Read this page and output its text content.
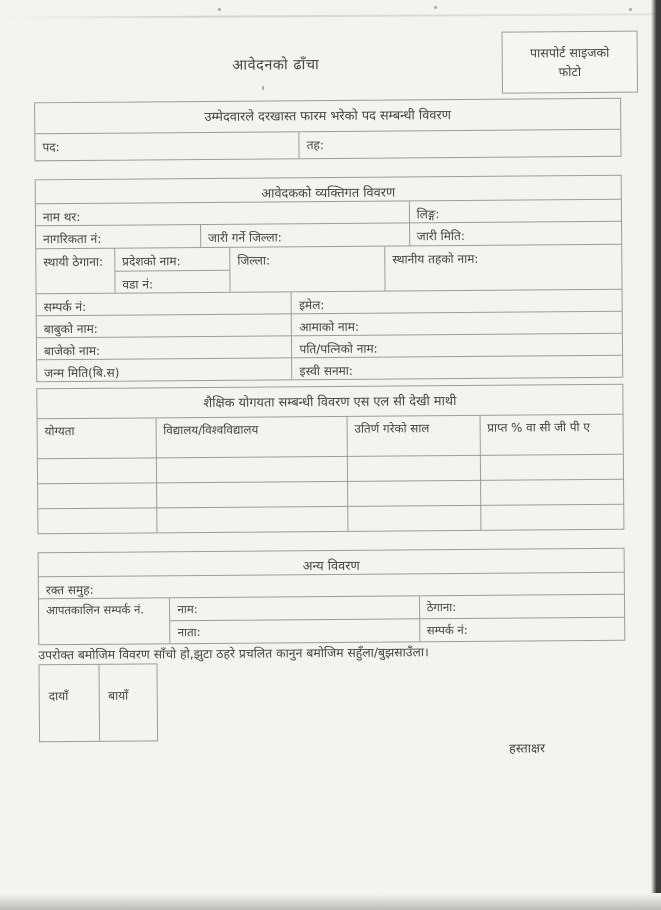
आवेदनको ढाँचा
पासपोर्ट साइजको
फोटो
उम्मेदवारले दरखास्त फारम भरेको पद सम्बन्धी विवरण
पद:	तह:
आवेदकको व्यक्तिगत विवरण
नाम थर:	लिङ्ग:
नागरिकता नं:	जारी गर्ने जिल्ला:	जारी मिति:
स्थायी ठेगाना:	प्रदेशको नाम:	जिल्ला:	स्थानीय तहको नाम:
वडा नं:
सम्पर्क नं:	इमेल:
बाबुको नाम:	आमाको नाम:
बाजेको नाम:	पति/पत्निको नाम:
जन्म मिति(बि.स)	इस्वी सनमा:
शैक्षिक योगयता सम्बन्धी विवरण एस एल सी देखी माथी
योग्यता	विद्यालय/विश्वविद्यालय	उतिर्ण गरेको साल	प्राप्त % वा सी जी पी ए
अन्य विवरण
रक्त समुह:
आपतकालिन सम्पर्क नं.	नाम:	ठेगाना:
नाता:	सम्पर्क नं:
उपरोक्त बमोजिम विवरण साँचो हो,झुटा ठहरे प्रचलित कानुन बमोजिम सहुँला/बुझसाउँला।
दायाँ	बायाँ
हस्ताक्षर
